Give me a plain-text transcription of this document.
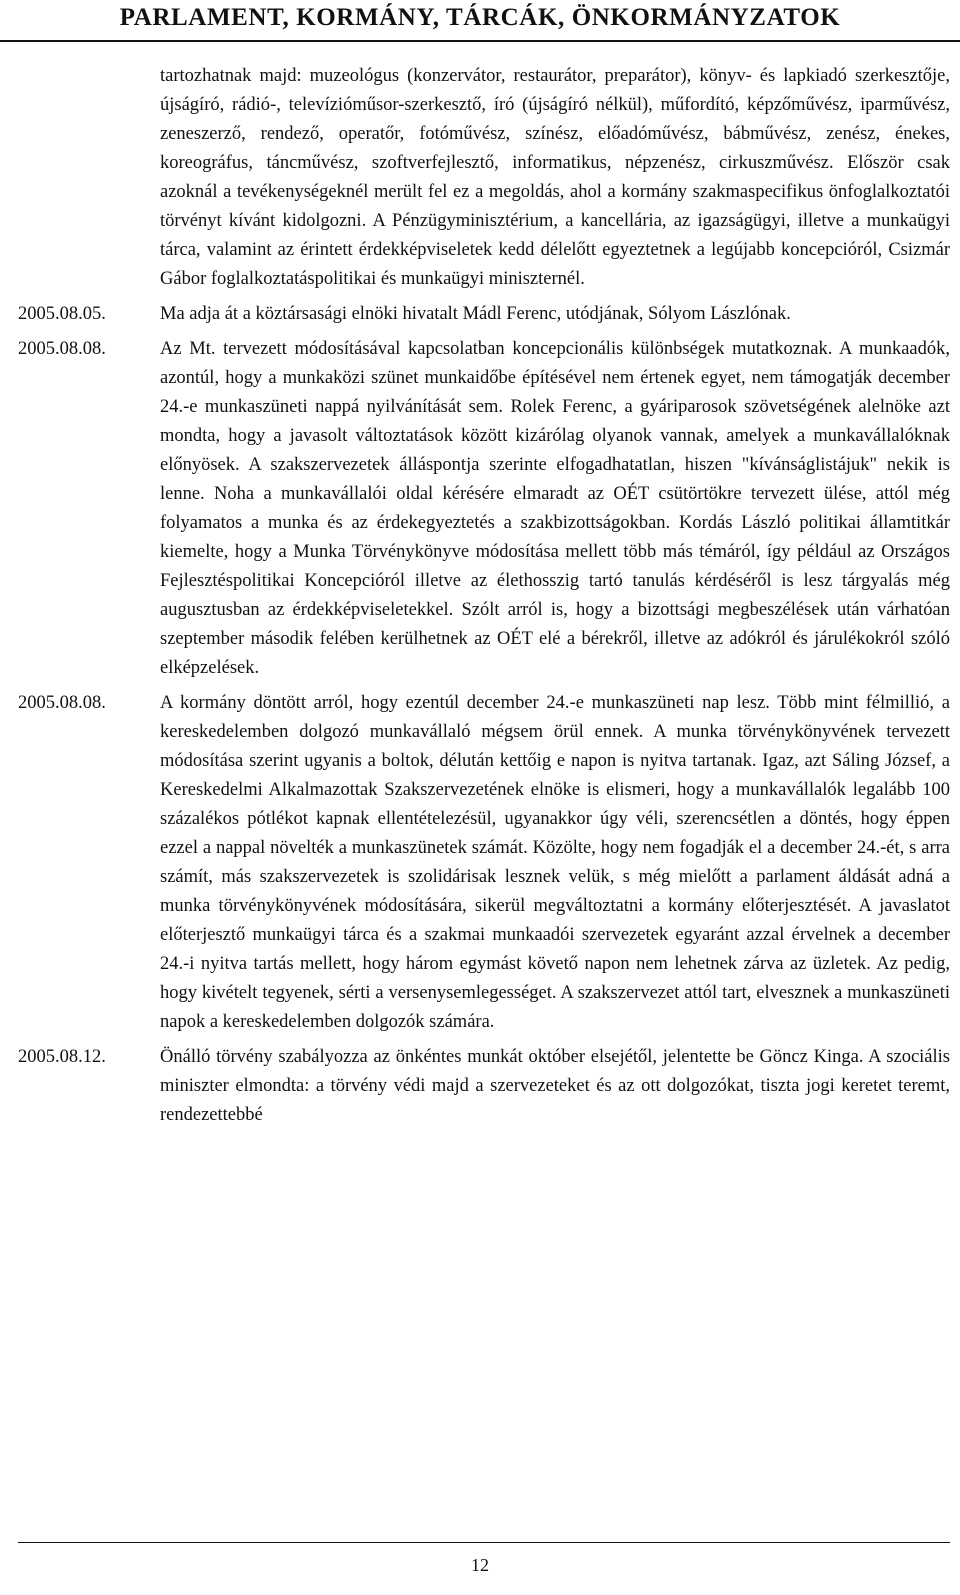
PARLAMENT, KORMÁNY, TÁRCÁK, ÖNKORMÁNYZATOK
tartozhatnak majd: muzeológus (konzervátor, restaurátor, preparátor), könyv- és lapkiadó szerkesztője, újságíró, rádió-, televízióműsor-szerkesztő, író (újságíró nélkül), műfordító, képzőművész, iparművész, zeneszerző, rendező, operatőr, fotóművész, színész, előadóművész, bábművész, zenész, énekes, koreográfus, táncművész, szoftverfejlesztő, informatikus, népzenész, cirkuszművész. Először csak azoknál a tevékenységeknél merült fel ez a megoldás, ahol a kormány szakmaspecifikus önfoglalkoztatói törvényt kívánt kidolgozni. A Pénzügyminisztérium, a kancellária, az igazságügyi, illetve a munkaügyi tárca, valamint az érintett érdekképviseletek kedd délelőtt egyeztetnek a legújabb koncepcióról, Csizmár Gábor foglalkoztatáspolitikai és munkaügyi miniszternél.
2005.08.05.	Ma adja át a köztársasági elnöki hivatalt Mádl Ferenc, utódjának, Sólyom Lászlónak.
2005.08.08.	Az Mt. tervezett módosításával kapcsolatban koncepcionális különbségek mutatkoznak. A munkaadók, azontúl, hogy a munkaközi szünet munkaidőbe építésével nem értenek egyet, nem támogatják december 24.-e munkaszüneti nappá nyilvánítását sem. Rolek Ferenc, a gyáriparosok szövetségének alelnöke azt mondta, hogy a javasolt változtatások között kizárólag olyanok vannak, amelyek a munkavállalóknak előnyösek. A szakszervezetek álláspontja szerinte elfogadhatatlan, hiszen "kívánságlistájuk" nekik is lenne. Noha a munkavállalói oldal kérésére elmaradt az OÉT csütörtökre tervezett ülése, attól még folyamatos a munka és az érdekegyeztetés a szakbizottságokban. Kordás László politikai államtitkár kiemelte, hogy a Munka Törvénykönyve módosítása mellett több más témáról, így például az Országos Fejlesztéspolitikai Koncepcióról illetve az élethosszig tartó tanulás kérdéséről is lesz tárgyalás még augusztusban az érdekképviseletekkel. Szólt arról is, hogy a bizottsági megbeszélések után várhatóan szeptember második felében kerülhetnek az OÉT elé a bérekről, illetve az adókról és járulékokról szóló elképzelések.
2005.08.08.	A kormány döntött arról, hogy ezentúl december 24.-e munkaszüneti nap lesz. Több mint félmillió, a kereskedelemben dolgozó munkavállaló mégsem örül ennek. A munka törvénykönyvének tervezett módosítása szerint ugyanis a boltok, délután kettőig e napon is nyitva tartanak. Igaz, azt Sáling József, a Kereskedelmi Alkalmazottak Szakszervezetének elnöke is elismeri, hogy a munkavállalók legalább 100 százalékos pótlékot kapnak ellentételezésül, ugyanakkor úgy véli, szerencsétlen a döntés, hogy éppen ezzel a nappal növelték a munkaszünetek számát. Közölte, hogy nem fogadják el a december 24.-ét, s arra számít, más szakszervezetek is szolidárisak lesznek velük, s még mielőtt a parlament áldását adná a munka törvénykönyvének módosítására, sikerül megváltoztatni a kormány előterjesztését. A javaslatot előterjesztő munkaügyi tárca és a szakmai munkaadói szervezetek egyaránt azzal érvelnek a december 24.-i nyitva tartás mellett, hogy három egymást követő napon nem lehetnek zárva az üzletek. Az pedig, hogy kivételt tegyenek, sérti a versenysemlegességet. A szakszervezet attól tart, elvesznek a munkaszüneti napok a kereskedelemben dolgozók számára.
2005.08.12.	Önálló törvény szabályozza az önkéntes munkát október elsejétől, jelentette be Göncz Kinga. A szociális miniszter elmondta: a törvény védi majd a szervezeteket és az ott dolgozókat, tiszta jogi keretet teremt, rendezettebbé
12
